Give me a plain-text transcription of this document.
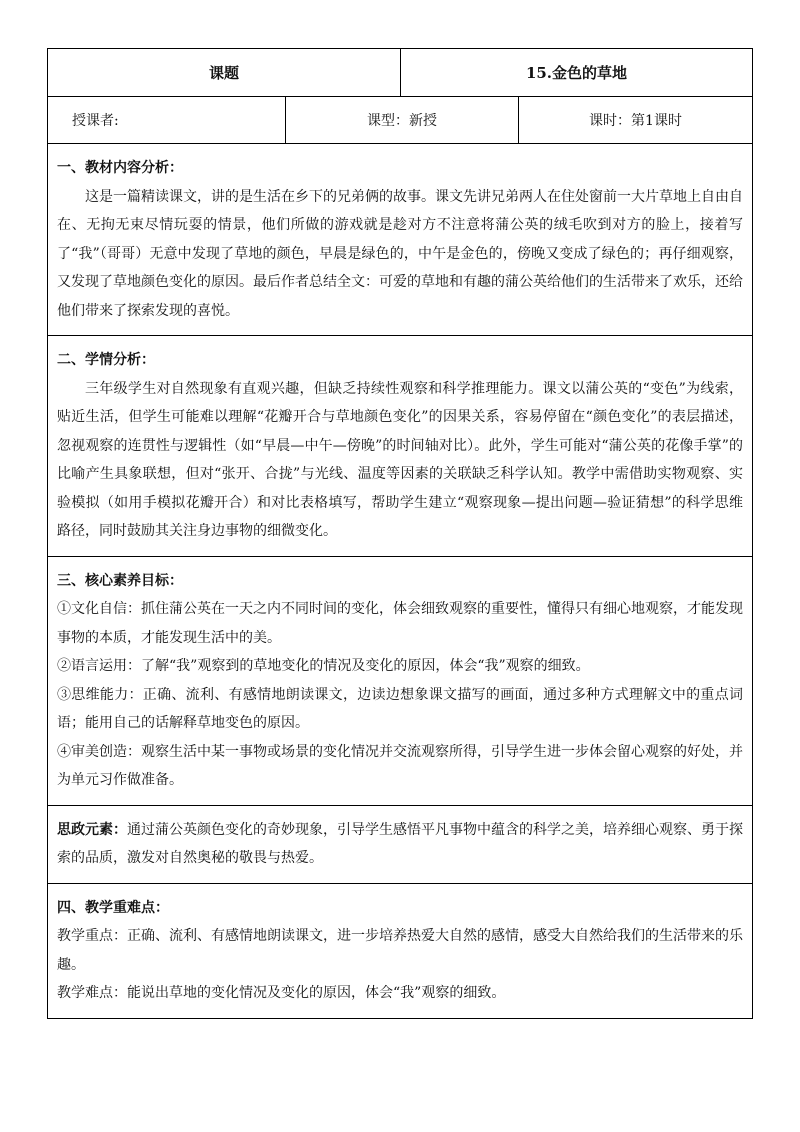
课题	15.金色的草地
授课者:	课型：新授	课时：第1课时
一、教材内容分析：

这是一篇精读课文，讲的是生活在乡下的兄弟俩的故事。课文先讲兄弟两人在住处窗前一大片草地上自由自在、无拘无束尽情玩耍的情景，他们所做的游戏就是趁对方不注意将蒲公英的绒毛吹到对方的脸上，接着写了“我”（哥哥）无意中发现了草地的颜色，早晨是绿色的，中午是金色的，傍晚又变成了绿色的；再仔细观察，又发现了草地颜色变化的原因。最后作者总结全文：可爱的草地和有趣的蒲公英给他们的生活带来了欢乐，还给他们带来了探索发现的喜悦。

二、学情分析：

三年级学生对自然现象有直观兴趣，但缺乏持续性观察和科学推理能力。课文以蒲公英的“变色”为线索，贴近生活，但学生可能难以理解“花瓣开合与草地颜色变化”的因果关系，容易停留在“颜色变化”的表层描述，忽视观察的连贯性与逻辑性（如“早晨—中午—傍晚”的时间轴对比）。此外，学生可能对“蒲公英的花像手掌”的比喻产生具象联想，但对“张开、合拢”与光线、温度等因素的关联缺乏科学认知。教学中需借助实物观察、实验模拟（如用手模拟花瓣开合）和对比表格填写，帮助学生建立“观察现象—提出问题—验证猜想”的科学思维路径，同时鼓励其关注身边事物的细微变化。

三、核心素养目标：

①文化自信：抓住蒲公英在一天之内不同时间的变化，体会细致观察的重要性，懂得只有细心地观察，才能发现事物的本质，才能发现生活中的美。

②语言运用：了解“我”观察到的草地变化的情况及变化的原因，体会“我”观察的细致。

③思维能力：正确、流利、有感情地朗读课文，边读边想象课文描写的画面，通过多种方式理解文中的重点词语；能用自己的话解释草地变色的原因。

④审美创造：观察生活中某一事物或场景的变化情况并交流观察所得，引导学生进一步体会留心观察的好处，并为单元习作做准备。

思政元素：通过蒲公英颜色变化的奇妙现象，引导学生感悟平凡事物中蕴含的科学之美，培养细心观察、勇于探索的品质，激发对自然奥秘的敬畏与热爱。

四、教学重难点：

教学重点：正确、流利、有感情地朗读课文，进一步培养热爱大自然的感情，感受大自然给我们的生活带来的乐趣。

教学难点：能说出草地的变化情况及变化的原因，体会“我”观察的细致。
